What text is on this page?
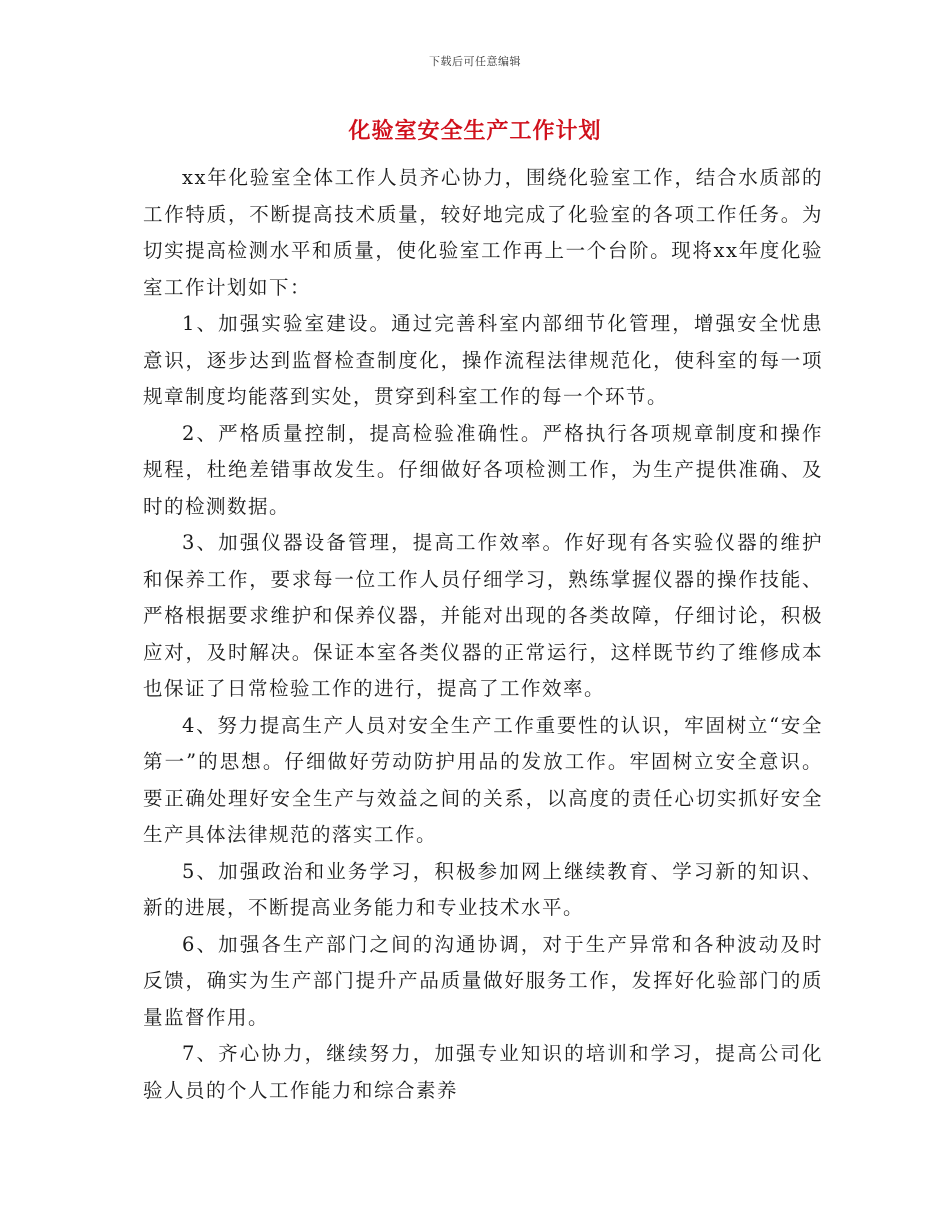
下载后可任意编辑
化验室安全生产工作计划

xx年化验室全体工作人员齐心协力，围绕化验室工作，结合水质部的工作特质，不断提高技术质量，较好地完成了化验室的各项工作任务。为切实提高检测水平和质量，使化验室工作再上一个台阶。现将xx年度化验室工作计划如下：

1、加强实验室建设。通过完善科室内部细节化管理，增强安全忧患意识，逐步达到监督检查制度化，操作流程法律规范化，使科室的每一项规章制度均能落到实处，贯穿到科室工作的每一个环节。

2、严格质量控制，提高检验准确性。严格执行各项规章制度和操作规程，杜绝差错事故发生。仔细做好各项检测工作，为生产提供准确、及时的检测数据。

3、加强仪器设备管理，提高工作效率。作好现有各实验仪器的维护和保养工作，要求每一位工作人员仔细学习，熟练掌握仪器的操作技能、严格根据要求维护和保养仪器，并能对出现的各类故障，仔细讨论，积极应对，及时解决。保证本室各类仪器的正常运行，这样既节约了维修成本也保证了日常检验工作的进行，提高了工作效率。

4、努力提高生产人员对安全生产工作重要性的认识，牢固树立“安全第一”的思想。仔细做好劳动防护用品的发放工作。牢固树立安全意识。要正确处理好安全生产与效益之间的关系，以高度的责任心切实抓好安全生产具体法律规范的落实工作。

5、加强政治和业务学习，积极参加网上继续教育、学习新的知识、新的进展，不断提高业务能力和专业技术水平。

6、加强各生产部门之间的沟通协调，对于生产异常和各种波动及时反馈，确实为生产部门提升产品质量做好服务工作，发挥好化验部门的质量监督作用。

7、齐心协力，继续努力，加强专业知识的培训和学习，提高公司化验人员的个人工作能力和综合素养
